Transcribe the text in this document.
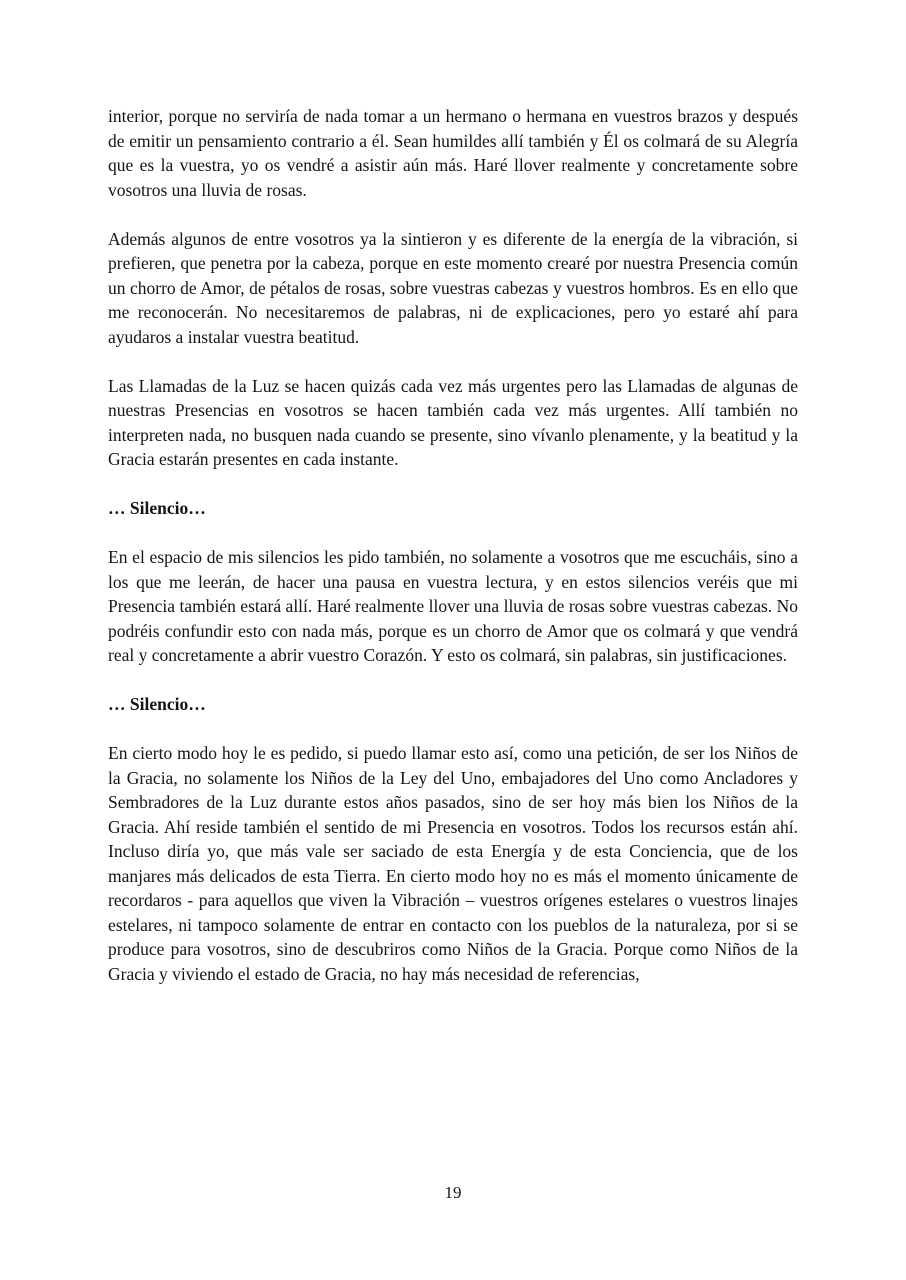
interior, porque no serviría de nada tomar a un hermano o hermana en vuestros brazos y después de emitir un pensamiento contrario a él. Sean humildes allí también y Él os colmará de su Alegría que es la vuestra, yo os vendré a asistir aún más. Haré llover realmente y concretamente sobre vosotros una lluvia de rosas.

Además algunos de entre vosotros ya la sintieron y es diferente de la energía de la vibración, si prefieren, que penetra por la cabeza, porque en este momento crearé por nuestra Presencia común un chorro de Amor, de pétalos de rosas, sobre vuestras cabezas y vuestros hombros. Es en ello que me reconocerán. No necesitaremos de palabras, ni de explicaciones, pero yo estaré ahí para ayudaros a instalar vuestra beatitud.

Las Llamadas de la Luz se hacen quizás cada vez más urgentes pero las Llamadas de algunas de nuestras Presencias en vosotros se hacen también cada vez más urgentes. Allí también no interpreten nada, no busquen nada cuando se presente, sino vívanlo plenamente, y la beatitud y la Gracia estarán presentes en cada instante.

… Silencio…

En el espacio de mis silencios les pido también, no solamente a vosotros que me escucháis, sino a los que me leerán, de hacer una pausa en vuestra lectura, y en estos silencios veréis que mi Presencia también estará allí. Haré realmente llover una lluvia de rosas sobre vuestras cabezas. No podréis confundir esto con nada más, porque es un chorro de Amor que os colmará y que vendrá real y concretamente a abrir vuestro Corazón. Y esto os colmará, sin palabras, sin justificaciones.

… Silencio…

En cierto modo hoy le es pedido, si puedo llamar esto así, como una petición, de ser los Niños de la Gracia, no solamente los Niños de la Ley del Uno, embajadores del Uno como Ancladores y Sembradores de la Luz durante estos años pasados, sino de ser hoy más bien los Niños de la Gracia. Ahí reside también el sentido de mi Presencia en vosotros. Todos los recursos están ahí. Incluso diría yo, que más vale ser saciado de esta Energía y de esta Conciencia, que de los manjares más delicados de esta Tierra. En cierto modo hoy no es más el momento únicamente de recordaros - para aquellos que viven la Vibración – vuestros orígenes estelares o vuestros linajes estelares, ni tampoco solamente de entrar en contacto con los pueblos de la naturaleza, por si se produce para vosotros, sino de descubriros como Niños de la Gracia. Porque como Niños de la Gracia y viviendo el estado de Gracia, no hay más necesidad de referencias,

19
